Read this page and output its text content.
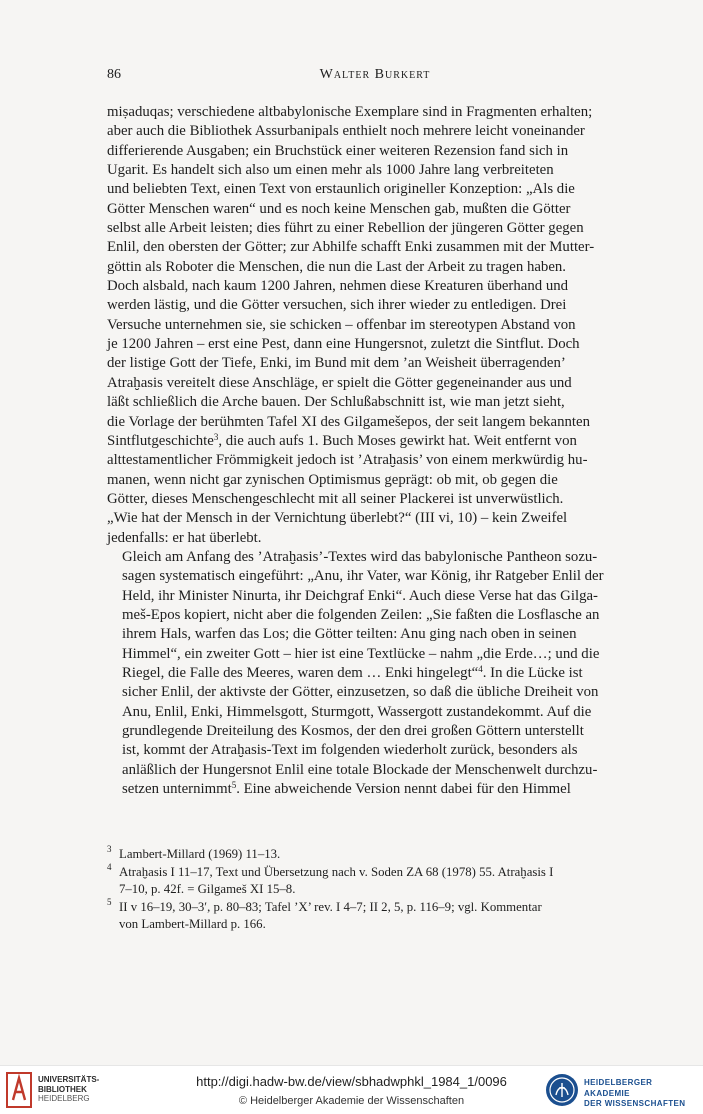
86	Walter Burkert

miṣaduqas; verschiedene altbabylonische Exemplare sind in Fragmenten erhalten;
aber auch die Bibliothek Assurbanipals enthielt noch mehrere leicht voneinander
differierende Ausgaben; ein Bruchstück einer weiteren Rezension fand sich in
Ugarit. Es handelt sich also um einen mehr als 1000 Jahre lang verbreiteten
und beliebten Text, einen Text von erstaunlich origineller Konzeption: „Als die
Götter Menschen waren“ und es noch keine Menschen gab, mußten die Götter
selbst alle Arbeit leisten; dies führt zu einer Rebellion der jüngeren Götter gegen
Enlil, den obersten der Götter; zur Abhilfe schafft Enki zusammen mit der Mutter-
göttin als Roboter die Menschen, die nun die Last der Arbeit zu tragen haben.
Doch alsbald, nach kaum 1200 Jahren, nehmen diese Kreaturen überhand und
werden lästig, und die Götter versuchen, sich ihrer wieder zu entledigen. Drei
Versuche unternehmen sie, sie schicken – offenbar im stereotypen Abstand von
je 1200 Jahren – erst eine Pest, dann eine Hungersnot, zuletzt die Sintflut. Doch
der listige Gott der Tiefe, Enki, im Bund mit dem ’an Weisheit überragenden’
Atraḫasis vereitelt diese Anschläge, er spielt die Götter gegeneinander aus und
läßt schließlich die Arche bauen. Der Schlußabschnitt ist, wie man jetzt sieht,
die Vorlage der berühmten Tafel XI des Gilgamešepos, der seit langem bekannten
Sintflutgeschichte$^3$, die auch aufs 1. Buch Moses gewirkt hat. Weit entfernt von
alttestamentlicher Frömmigkeit jedoch ist ’Atraḫasis’ von einem merkwürdig hu-
manen, wenn nicht gar zynischen Optimismus geprägt: ob mit, ob gegen die
Götter, dieses Menschengeschlecht mit all seiner Plackerei ist unverwüstlich.
„Wie hat der Mensch in der Vernichtung überlebt?“ (III vi, 10) – kein Zweifel
jedenfalls: er hat überlebt.

Gleich am Anfang des ’Atraḫasis’-Textes wird das babylonische Pantheon sozu-
sagen systematisch eingeführt: „Anu, ihr Vater, war König, ihr Ratgeber Enlil der
Held, ihr Minister Ninurta, ihr Deichgraf Enki“. Auch diese Verse hat das Gilga-
meš-Epos kopiert, nicht aber die folgenden Zeilen: „Sie faßten die Losflasche an
ihrem Hals, warfen das Los; die Götter teilten: Anu ging nach oben in seinen
Himmel“, ein zweiter Gott – hier ist eine Textlücke – nahm „die Erde…; und die
Riegel, die Falle des Meeres, waren dem … Enki hingelegt“$^4$. In die Lücke ist
sicher Enlil, der aktivste der Götter, einzusetzen, so daß die übliche Dreiheit von
Anu, Enlil, Enki, Himmelsgott, Sturmgott, Wassergott zustandekommt. Auf die
grundlegende Dreiteilung des Kosmos, der den drei großen Göttern unterstellt
ist, kommt der Atraḫasis-Text im folgenden wiederholt zurück, besonders als
anläßlich der Hungersnot Enlil eine totale Blockade der Menschenwelt durchzu-
setzen unternimmt$^5$. Eine abweichende Version nennt dabei für den Himmel

3 Lambert-Millard (1969) 11–13.
4 Atraḫasis I 11–17, Text und Übersetzung nach v. Soden ZA 68 (1978) 55. Atraḫasis I
7–10, p. 42f. = Gilgameš XI 15–8.
5 II v 16–19, 30–3′, p. 80–83; Tafel ’X’ rev. I 4–7; II 2, 5, p. 116–9; vgl. Kommentar
von Lambert-Millard p. 166.
UNIVERSITÄTS-
BIBLIOTHEK
HEIDELBERG
http://digi.hadw-bw.de/view/sbhadwphkl_1984_1/0096
© Heidelberger Akademie der Wissenschaften
HEIDELBERGER AKADEMIE
DER WISSENSCHAFTEN
